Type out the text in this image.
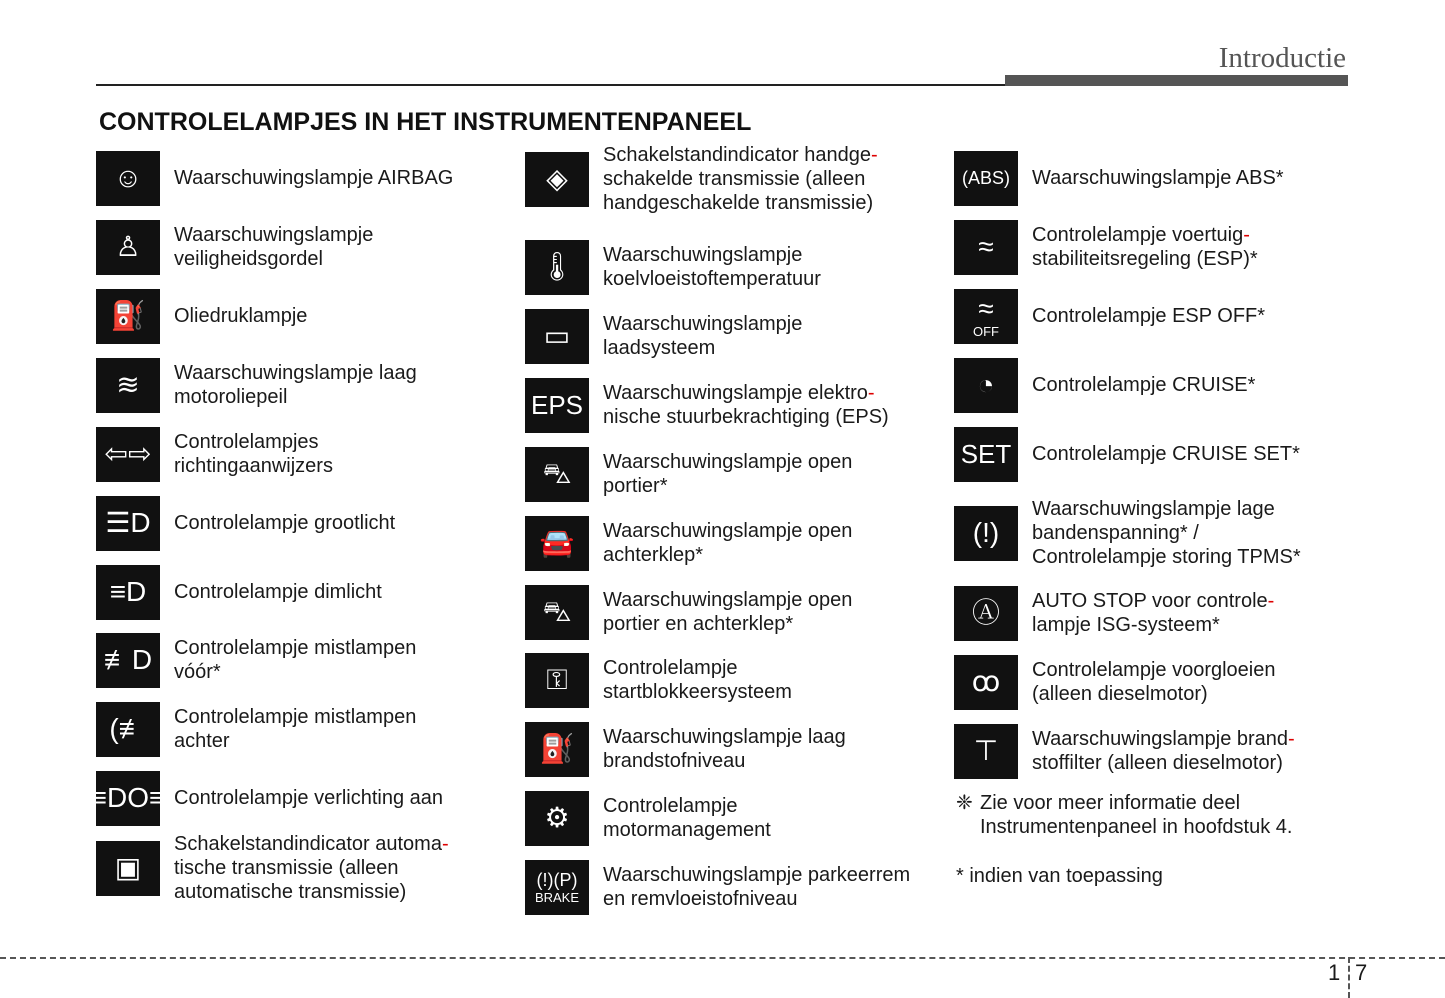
Introductie
CONTROLELAMPJES IN HET INSTRUMENTENPANEEL
☺ Waarschuwingslampje AIRBAG
♙ Waarschuwingslampje
veiligheidsgordel
⛽ Oliedruklampje
≋ Waarschuwingslampje laag
motoroliepeil
⇦⇨ Controlelampjes
richtingaanwijzers
☰D Controlelampje grootlicht
≡D Controlelampje dimlicht
≢D Controlelampje mistlampen
vóór*
(≢ Controlelampje mistlampen
achter
≡DO≡ Controlelampje verlichting aan
▣
Schakelstandindicator automa-
tische transmissie (alleen
automatische transmissie)
◈
Schakelstandindicator handge-
schakelde transmissie (alleen
handgeschakelde transmissie)
🌡 Waarschuwingslampje
koelvloeistoftemperatuur
▭ Waarschuwingslampje
laadsysteem
EPS Waarschuwingslampje elektro-
nische stuurbekrachtiging (EPS)
⛍ Waarschuwingslampje open
portier*
🚘 Waarschuwingslampje open
achterklep*
⛍ Waarschuwingslampje open
portier en achterklep*
⚿ Controlelampje
startblokkeersysteem
⛽ Waarschuwingslampje laag
brandstofniveau
⚙ Controlelampje
motormanagement
(!)(P)
BRAKE
Waarschuwingslampje parkeerrem
en remvloeistofniveau
(ABS) Waarschuwingslampje ABS*
≈ Controlelampje voertuig-
stabiliteitsregeling (ESP)*
≈
OFF
Controlelampje ESP OFF*
◔ Controlelampje CRUISE*
SET Controlelampje CRUISE SET*
(!)
Waarschuwingslampje lage
bandenspanning* /
Controlelampje storing TPMS*
Ⓐ AUTO STOP voor controle-
lampje ISG-systeem*
ꝏ Controlelampje voorgloeien
(alleen dieselmotor)
⊤ Waarschuwingslampje brand-
stoffilter (alleen dieselmotor)
❈ Zie voor meer informatie deel
Instrumentenpaneel in hoofdstuk 4.
* indien van toepassing
1 7
